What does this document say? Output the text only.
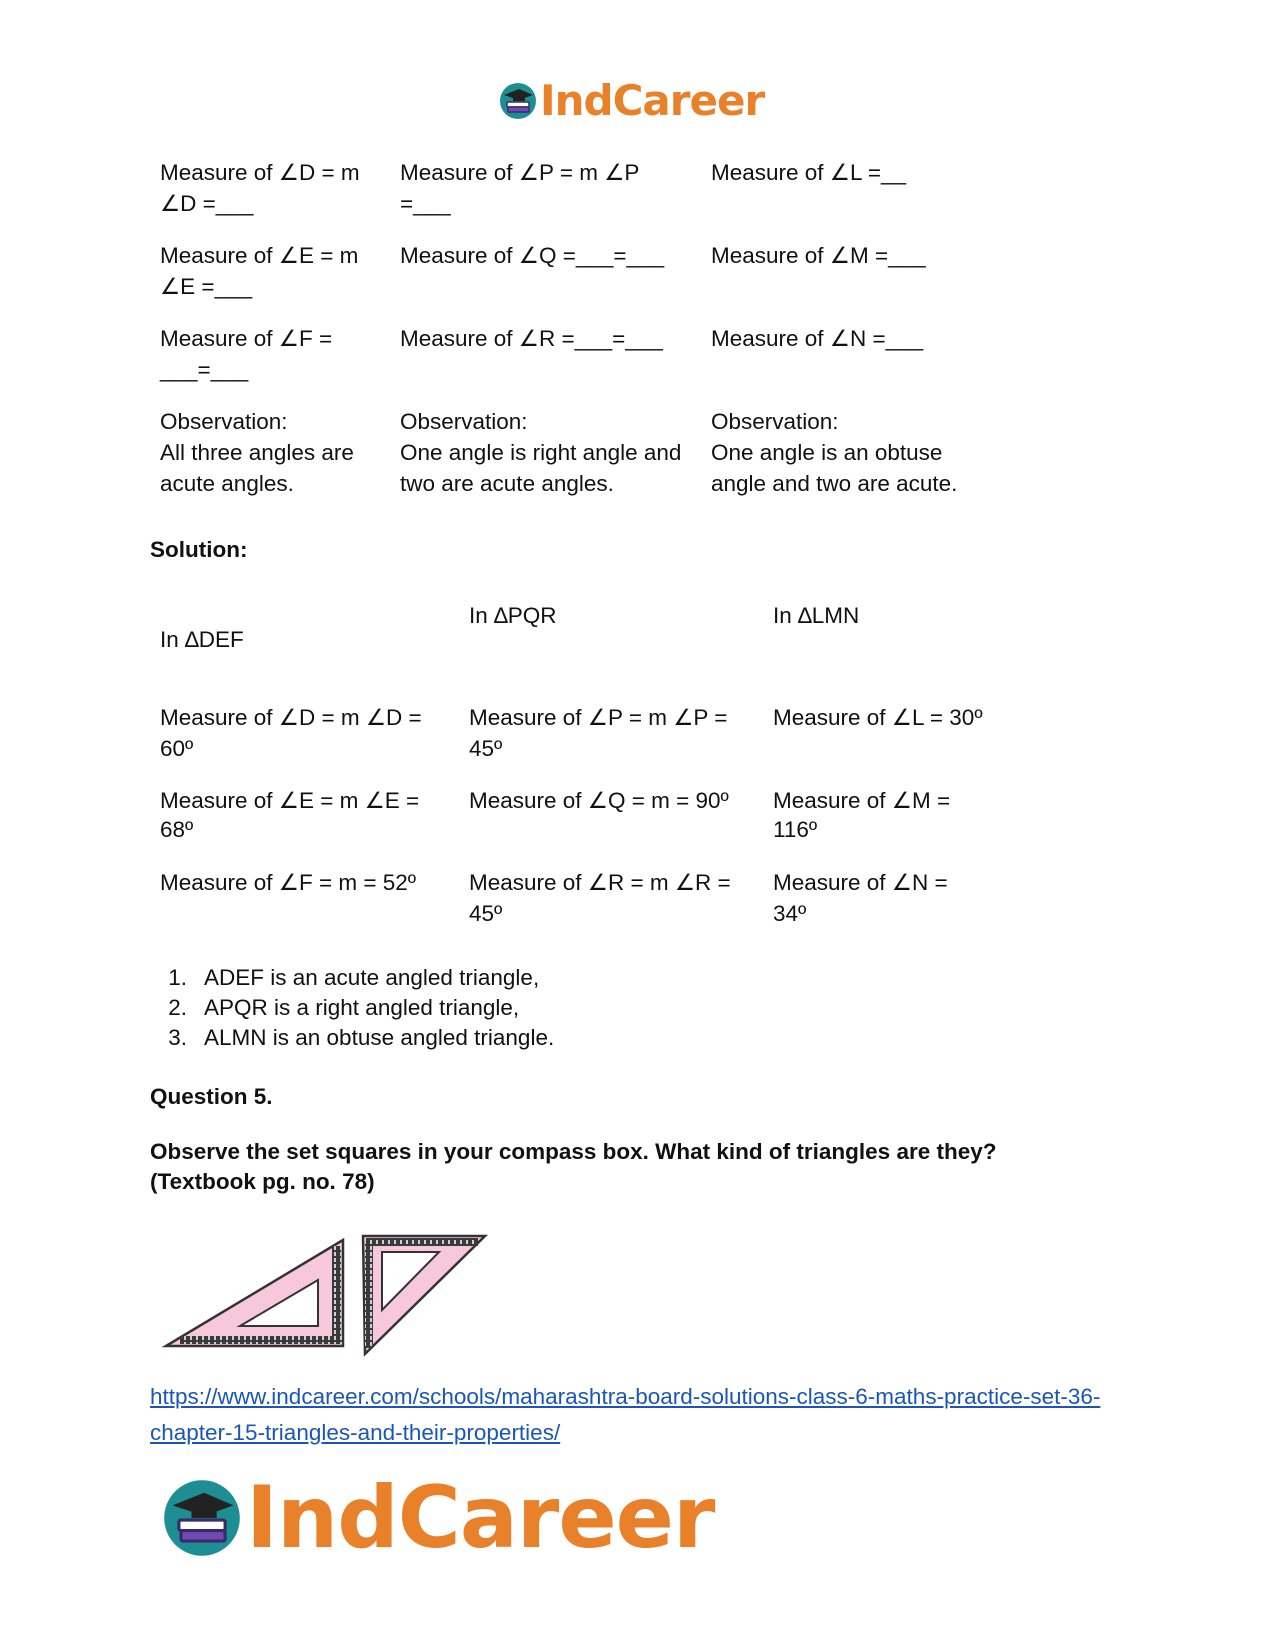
IndCareer
Measure of ∠D = m
∠D =___
Measure of ∠P = m ∠P
=___
Measure of ∠L =__
Measure of ∠E = m
∠E =___
Measure of ∠Q =___=___ Measure of ∠M =___
Measure of ∠F =
___=___
Measure of ∠R =___=___ Measure of ∠N =___
Observation:
All three angles are
acute angles.
Observation:
One angle is right angle and
two are acute angles.
Observation:
One angle is an obtuse
angle and two are acute.
Solution:
In ∆DEF
In ∆PQR	In ∆LMN
Measure of ∠D = m ∠D =
60º
Measure of ∠P = m ∠P =
45º
Measure of ∠L = 30º
Measure of ∠E = m ∠E =
68º
Measure of ∠Q = m = 90º Measure of ∠M =
116º
Measure of ∠F = m = 52º Measure of ∠R = m ∠R =
45º
Measure of ∠N =
34º
1. ADEF is an acute angled triangle,
2. APQR is a right angled triangle,
3. ALMN is an obtuse angled triangle.
Question 5.
Observe the set squares in your compass box. What kind of triangles are they?
(Textbook pg. no. 78)
https://www.indcareer.com/schools/maharashtra-board-solutions-class-6-maths-practice-set-36-
chapter-15-triangles-and-their-properties/
IndCareer
